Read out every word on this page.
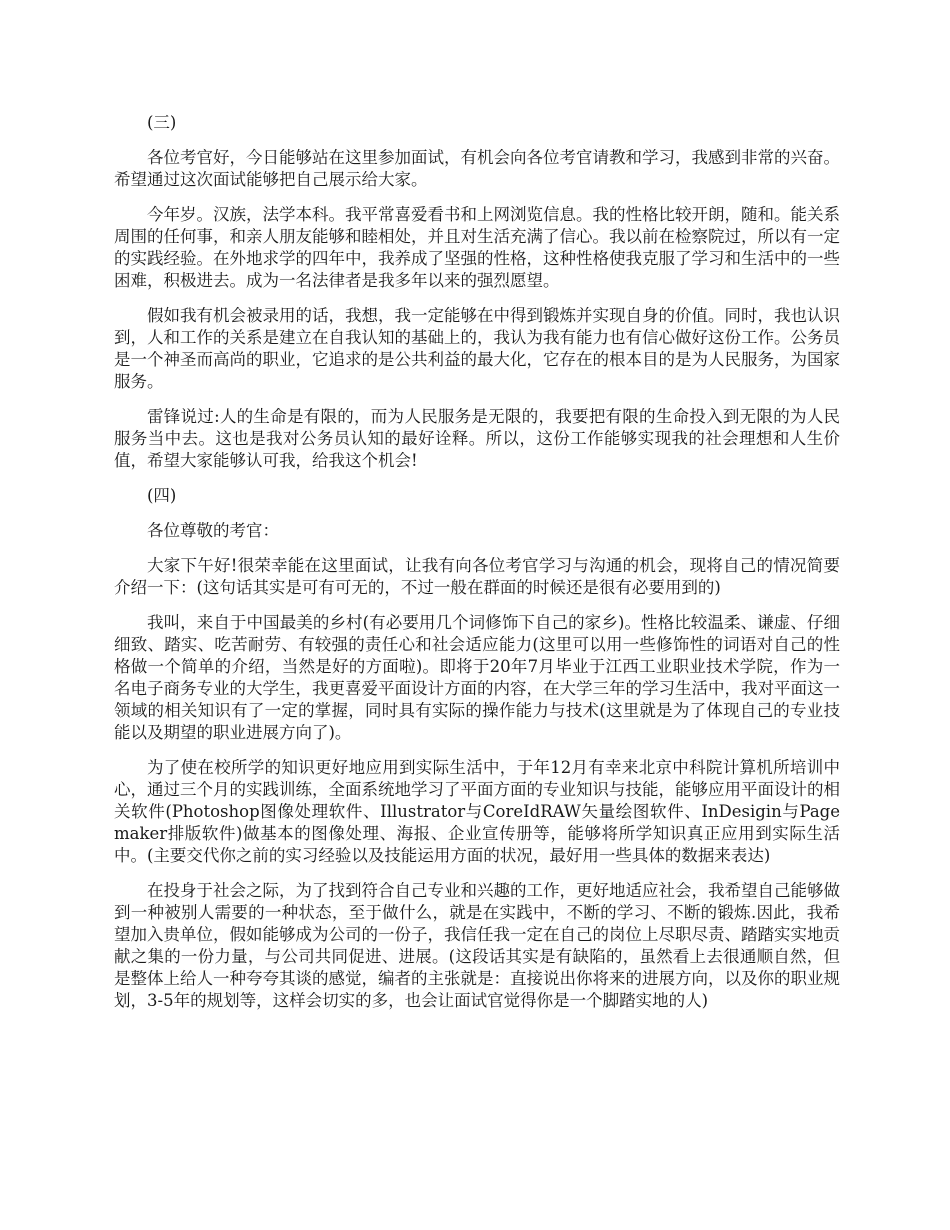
(三)

各位考官好，今日能够站在这里参加面试，有机会向各位考官请教和学习，我感到非常的兴奋。希望通过这次面试能够把自己展示给大家。

今年岁。汉族，法学本科。我平常喜爱看书和上网浏览信息。我的性格比较开朗，随和。能关系周围的任何事，和亲人朋友能够和睦相处，并且对生活充满了信心。我以前在检察院过，所以有一定的实践经验。在外地求学的四年中，我养成了坚强的性格，这种性格使我克服了学习和生活中的一些困难，积极进去。成为一名法律者是我多年以来的强烈愿望。

假如我有机会被录用的话，我想，我一定能够在中得到锻炼并实现自身的价值。同时，我也认识到，人和工作的关系是建立在自我认知的基础上的，我认为我有能力也有信心做好这份工作。公务员是一个神圣而高尚的职业，它追求的是公共利益的最大化，它存在的根本目的是为人民服务，为国家服务。

雷锋说过:人的生命是有限的，而为人民服务是无限的，我要把有限的生命投入到无限的为人民服务当中去。这也是我对公务员认知的最好诠释。所以，这份工作能够实现我的社会理想和人生价值，希望大家能够认可我，给我这个机会!

(四)

各位尊敬的考官：

大家下午好!很荣幸能在这里面试，让我有向各位考官学习与沟通的机会，现将自己的情况简要介绍一下：(这句话其实是可有可无的，不过一般在群面的时候还是很有必要用到的)

我叫，来自于中国最美的乡村(有必要用几个词修饰下自己的家乡)。性格比较温柔、谦虚、仔细细致、踏实、吃苦耐劳、有较强的责任心和社会适应能力(这里可以用一些修饰性的词语对自己的性格做一个简单的介绍，当然是好的方面啦)。即将于20年7月毕业于江西工业职业技术学院，作为一名电子商务专业的大学生，我更喜爱平面设计方面的内容，在大学三年的学习生活中，我对平面这一领域的相关知识有了一定的掌握，同时具有实际的操作能力与技术(这里就是为了体现自己的专业技能以及期望的职业进展方向了)。

为了使在校所学的知识更好地应用到实际生活中，于年12月有幸来北京中科院计算机所培训中心，通过三个月的实践训练，全面系统地学习了平面方面的专业知识与技能，能够应用平面设计的相关软件(Photoshop图像处理软件、Illustrator与CoreIdRAW矢量绘图软件、InDesigin与Pagemaker排版软件)做基本的图像处理、海报、企业宣传册等，能够将所学知识真正应用到实际生活中。(主要交代你之前的实习经验以及技能运用方面的状况，最好用一些具体的数据来表达)

在投身于社会之际，为了找到符合自己专业和兴趣的工作，更好地适应社会，我希望自己能够做到一种被别人需要的一种状态，至于做什么，就是在实践中，不断的学习、不断的锻炼.因此，我希望加入贵单位，假如能够成为公司的一份子，我信任我一定在自己的岗位上尽职尽责、踏踏实实地贡献之集的一份力量，与公司共同促进、进展。(这段话其实是有缺陷的，虽然看上去很通顺自然，但是整体上给人一种夸夸其谈的感觉，编者的主张就是：直接说出你将来的进展方向，以及你的职业规划，3-5年的规划等，这样会切实的多，也会让面试官觉得你是一个脚踏实地的人)
